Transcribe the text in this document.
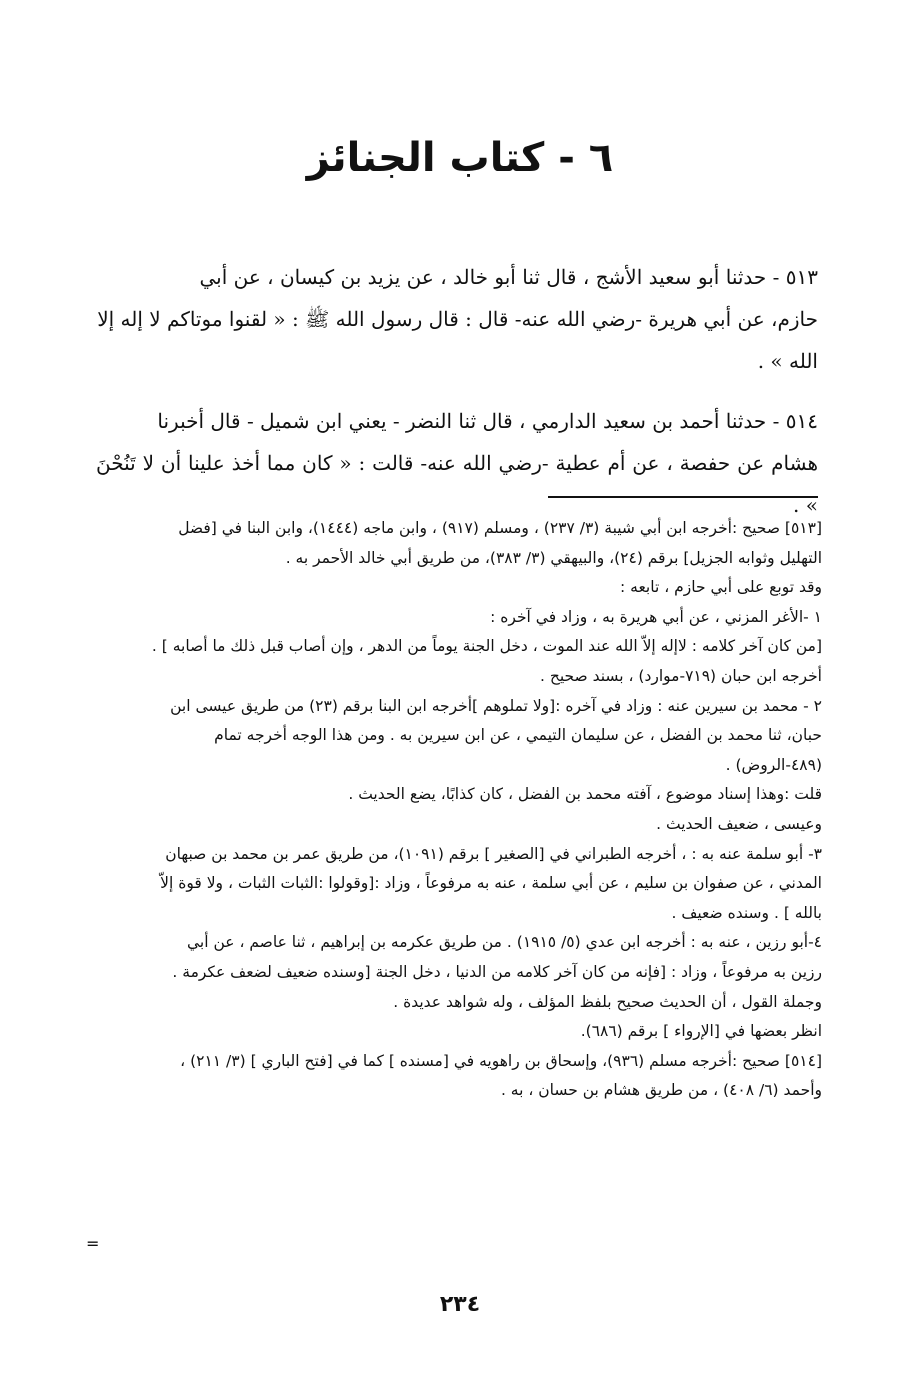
٦ - كتاب الجنائز
٥١٣ - حدثنا أبو سعيد الأشج ، قال ثنا أبو خالد ، عن يزيد بن كيسان ، عن أبي
حازم، عن أبي هريرة -رضي الله عنه- قال : قال رسول الله ﷺ : « لقنوا موتاكم لا إله إلا
الله » .
٥١٤ - حدثنا أحمد بن سعيد الدارمي ، قال ثنا النضر - يعني ابن شميل - قال أخبرنا
هشام عن حفصة ، عن أم عطية -رضي الله عنه- قالت : « كان مما أخذ علينا أن لا تَنُحْنَ » .
[٥١٣] صحيح :أخرجه ابن أبي شيبة (٣/ ٢٣٧) ، ومسلم (٩١٧) ، وابن ماجه (١٤٤٤)، وابن البنا في [فضل
التهليل وثوابه الجزيل] برقم (٢٤)، والبيهقي (٣/ ٣٨٣)، من طريق أبي خالد الأحمر به .
وقد توبع على أبي حازم ، تابعه :
١ -الأغر المزني ، عن أبي هريرة به ، وزاد في آخره :
[من كان آخر كلامه : لاإله إلاّ الله عند الموت ، دخل الجنة يوماً من الدهر ، وإن أصاب قبل ذلك ما أصابه ] .
أخرجه ابن حبان (٧١٩-موارد) ، بسند صحيح .
٢ - محمد بن سيرين عنه : وزاد في آخره :[ولا تملوهم ]أخرجه ابن البنا برقم (٢٣) من طريق عيسى ابن
حبان، ثنا محمد بن الفضل ، عن سليمان التيمي ، عن ابن سيرين به . ومن هذا الوجه أخرجه تمام
(٤٨٩-الروض) .
قلت :وهذا إسناد موضوع ، آفته محمد بن الفضل ، كان كذابًا، يضع الحديث .
وعيسى ، ضعيف الحديث .
٣- أبو سلمة عنه به : ، أخرجه الطبراني في [الصغير ] برقم (١٠٩١)، من طريق عمر بن محمد بن صبهان
المدني ، عن صفوان بن سليم ، عن أبي سلمة ، عنه به مرفوعاً ، وزاد :[وقولوا :الثبات الثبات ، ولا قوة إلاّ
بالله ] . وسنده ضعيف .
٤-أبو رزين ، عنه به : أخرجه ابن عدي (٥/ ١٩١٥) . من طريق عكرمه بن إبراهيم ، ثنا عاصم ، عن أبي
رزين به مرفوعاً ، وزاد : [فإنه من كان آخر كلامه من الدنيا ، دخل الجنة [وسنده ضعيف لضعف عكرمة .
وجملة القول ، أن الحديث صحيح بلفظ المؤلف ، وله شواهد عديدة .
انظر بعضها في [الإرواء ] برقم (٦٨٦).
[٥١٤] صحيح :أخرجه مسلم (٩٣٦)، وإسحاق بن راهويه في [مسنده ] كما في [فتح الباري ] (٣/ ٢١١) ،
وأحمد (٦/ ٤٠٨) ، من طريق هشام بن حسان ، به .
=
٢٣٤
